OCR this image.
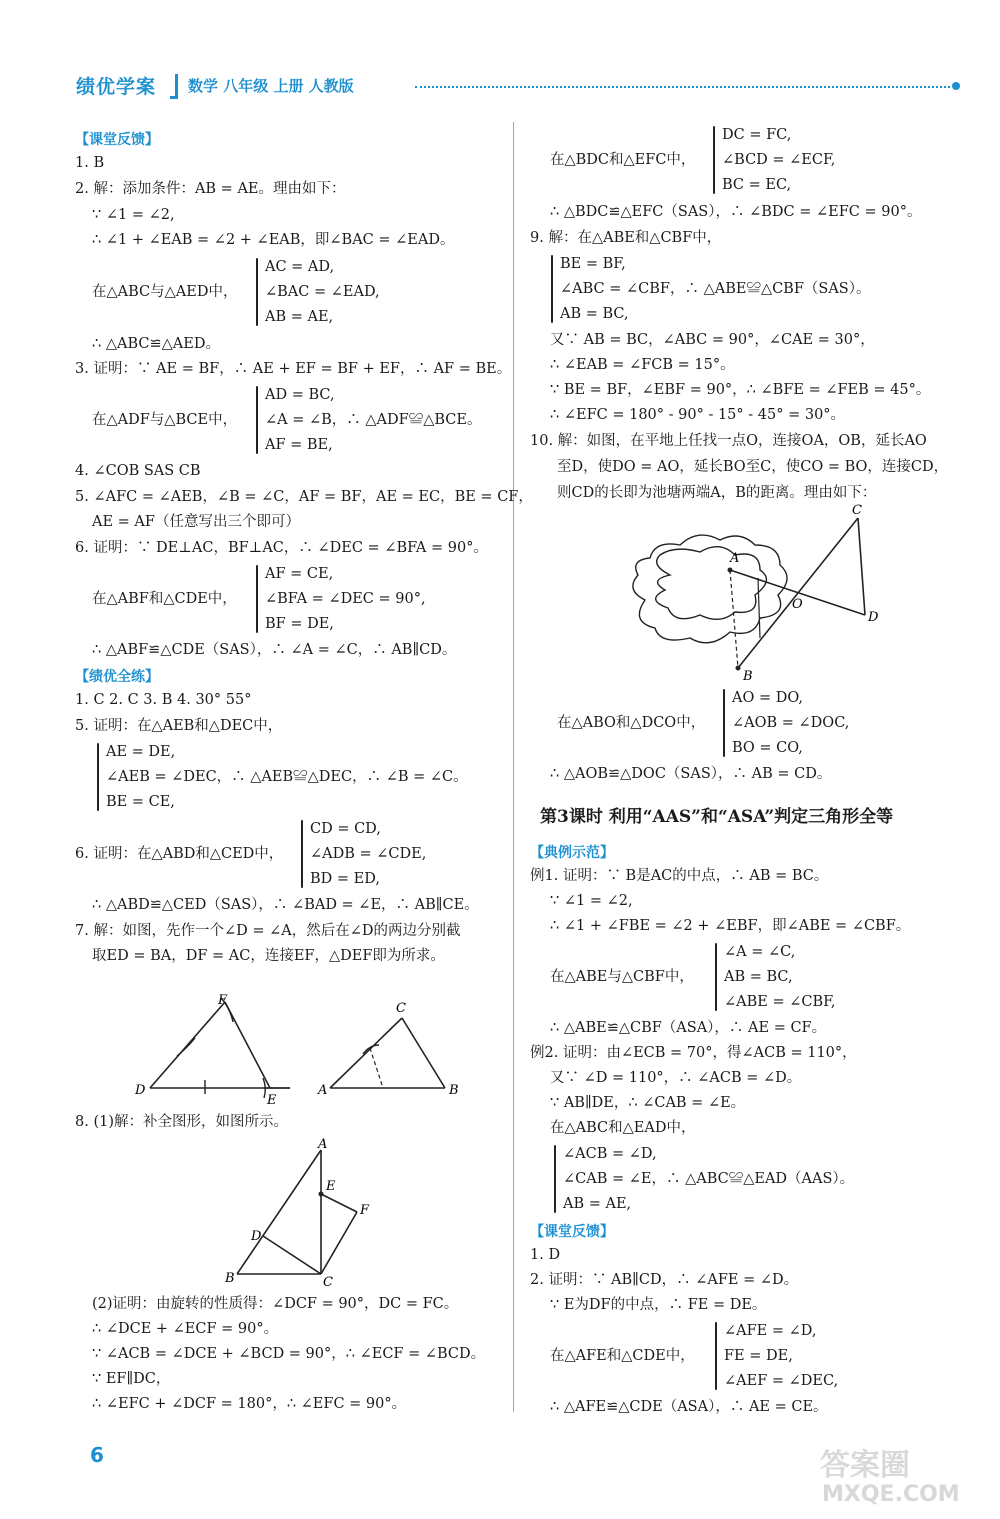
绩优学案 数学 八年级 上册 人教版
【课堂反馈】
1. B
2. 解：添加条件：AB = AE。理由如下：
∵ ∠1 = ∠2,
∴ ∠1 + ∠EAB = ∠2 + ∠EAB，即∠BAC = ∠EAD。
AC = AD,
在△ABC与△AED中， ∠BAC = ∠EAD,
AB = AE,
∴ △ABC≌△AED。
3. 证明：∵ AE = BF，∴ AE + EF = BF + EF，∴ AF = BE。
AD = BC,
在△ADF与△BCE中， ∠A = ∠B，∴ △ADF≌△BCE。
AF = BE,
4. ∠COB SAS CB
5. ∠AFC = ∠AEB，∠B = ∠C，AF = BF，AE = EC，BE = CF，
AE = AF（任意写出三个即可）
6. 证明：∵ DE⊥AC，BF⊥AC，∴ ∠DEC = ∠BFA = 90°。
AF = CE,
在△ABF和△CDE中， ∠BFA = ∠DEC = 90°,
BF = DE,
∴ △ABF≌△CDE（SAS），∴ ∠A = ∠C，∴ AB∥CD。
【绩优全练】
1. C 2. C 3. B 4. 30° 55°
5. 证明：在△AEB和△DEC中，
AE = DE,
∠AEB = ∠DEC，∴ △AEB≌△DEC，∴ ∠B = ∠C。
BE = CE,
CD = CD,
6. 证明：在△ABD和△CED中， ∠ADB = ∠CDE,
BD = ED,
∴ △ABD≌△CED（SAS），∴ ∠BAD = ∠E，∴ AB∥CE。
7. 解：如图，先作一个∠D = ∠A，然后在∠D的两边分别截
取ED = BA，DF = AC，连接EF，△DEF即为所求。
D
E
F
A	B
C
8. (1)解：补全图形，如图所示。
A
B	C
D
E
F
(2)证明：由旋转的性质得：∠DCF = 90°，DC = FC。
∴ ∠DCE + ∠ECF = 90°。
∵ ∠ACB = ∠DCE + ∠BCD = 90°，∴ ∠ECF = ∠BCD。
∵ EF∥DC，
∴ ∠EFC + ∠DCF = 180°，∴ ∠EFC = 90°。
DC = FC,
在△BDC和△EFC中， ∠BCD = ∠ECF,
BC = EC,
∴ △BDC≌△EFC（SAS），∴ ∠BDC = ∠EFC = 90°。
9. 解：在△ABE和△CBF中，
BE = BF,
∠ABC = ∠CBF，∴ △ABE≌△CBF（SAS）。
AB = BC,
又∵ AB = BC，∠ABC = 90°，∠CAE = 30°，
∴ ∠EAB = ∠FCB = 15°。
∵ BE = BF，∠EBF = 90°，∴ ∠BFE = ∠FEB = 45°。
∴ ∠EFC = 180° - 90° - 15° - 45° = 30°。
10. 解：如图，在平地上任找一点O，连接OA，OB，延长AO
至D，使DO = AO，延长BO至C，使CO = BO，连接CD，
则CD的长即为池塘两端A，B的距离。理由如下：
A
B
C
D
O
AO = DO,
在△ABO和△DCO中， ∠AOB = ∠DOC,
BO = CO,
∴ △AOB≌△DOC（SAS），∴ AB = CD。
第3课时 利用“AAS”和“ASA”判定三角形全等
【典例示范】
例1. 证明：∵ B是AC的中点，∴ AB = BC。
∵ ∠1 = ∠2,
∴ ∠1 + ∠FBE = ∠2 + ∠EBF，即∠ABE = ∠CBF。
∠A = ∠C,
在△ABE与△CBF中， AB = BC,
∠ABE = ∠CBF,
∴ △ABE≌△CBF（ASA），∴ AE = CF。
例2. 证明：由∠ECB = 70°，得∠ACB = 110°，
又∵ ∠D = 110°，∴ ∠ACB = ∠D。
∵ AB∥DE，∴ ∠CAB = ∠E。
在△ABC和△EAD中，
∠ACB = ∠D,
∠CAB = ∠E，∴ △ABC≌△EAD（AAS）。
AB = AE,
【课堂反馈】
1. D
2. 证明：∵ AB∥CD，∴ ∠AFE = ∠D。
∵ E为DF的中点，∴ FE = DE。
∠AFE = ∠D,
在△AFE和△CDE中， FE = DE,
∠AEF = ∠DEC,
∴ △AFE≌△CDE（ASA），∴ AE = CE。
6	答案圈
MXQE.COM
